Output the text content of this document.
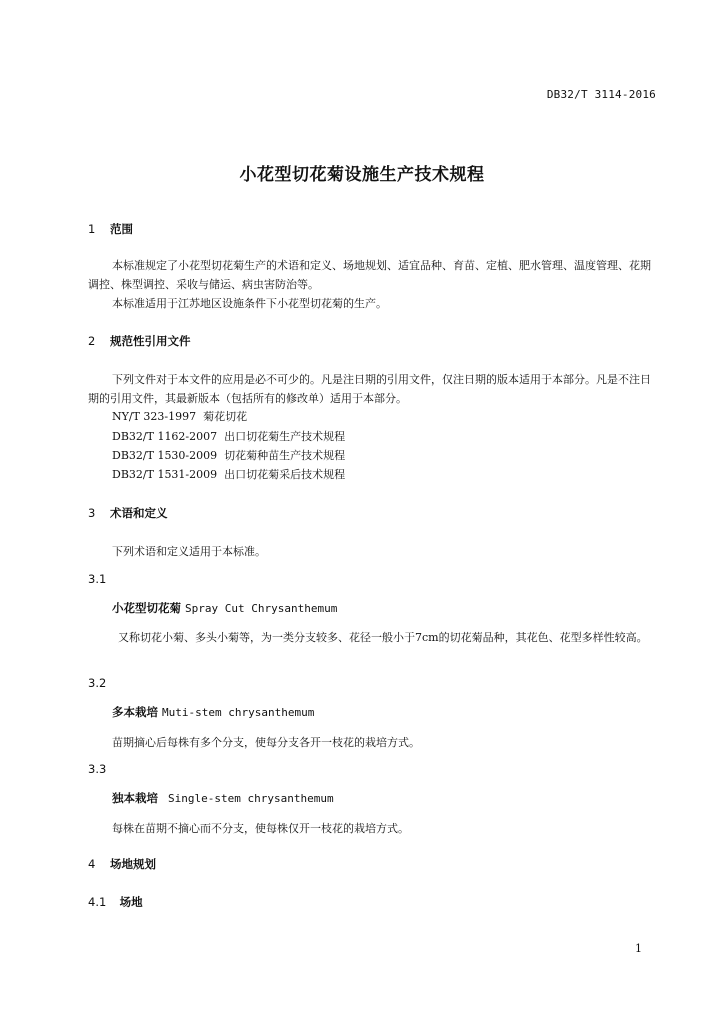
DB32/T 3114-2016
小花型切花菊设施生产技术规程
1 范围
本标准规定了小花型切花菊生产的术语和定义、场地规划、适宜品种、育苗、定植、肥水管理、温度管理、花期调控、株型调控、采收与储运、病虫害防治等。
本标准适用于江苏地区设施条件下小花型切花菊的生产。
2 规范性引用文件
下列文件对于本文件的应用是必不可少的。凡是注日期的引用文件，仅注日期的版本适用于本部分。凡是不注日期的引用文件，其最新版本（包括所有的修改单）适用于本部分。
NY/T 323-1997  菊花切花
DB32/T 1162-2007  出口切花菊生产技术规程
DB32/T 1530-2009  切花菊种苗生产技术规程
DB32/T 1531-2009  出口切花菊采后技术规程
3 术语和定义
下列术语和定义适用于本标准。
3.1
小花型切花菊 Spray Cut Chrysanthemum
又称切花小菊、多头小菊等，为一类分支较多、花径一般小于7cm的切花菊品种，其花色、花型多样性较高。
3.2
多本栽培 Muti-stem chrysanthemum
苗期摘心后每株有多个分支，使每分支各开一枝花的栽培方式。
3.3
独本栽培 Single-stem chrysanthemum
每株在苗期不摘心而不分支，使每株仅开一枝花的栽培方式。
4 场地规划
4.1 场地
1
